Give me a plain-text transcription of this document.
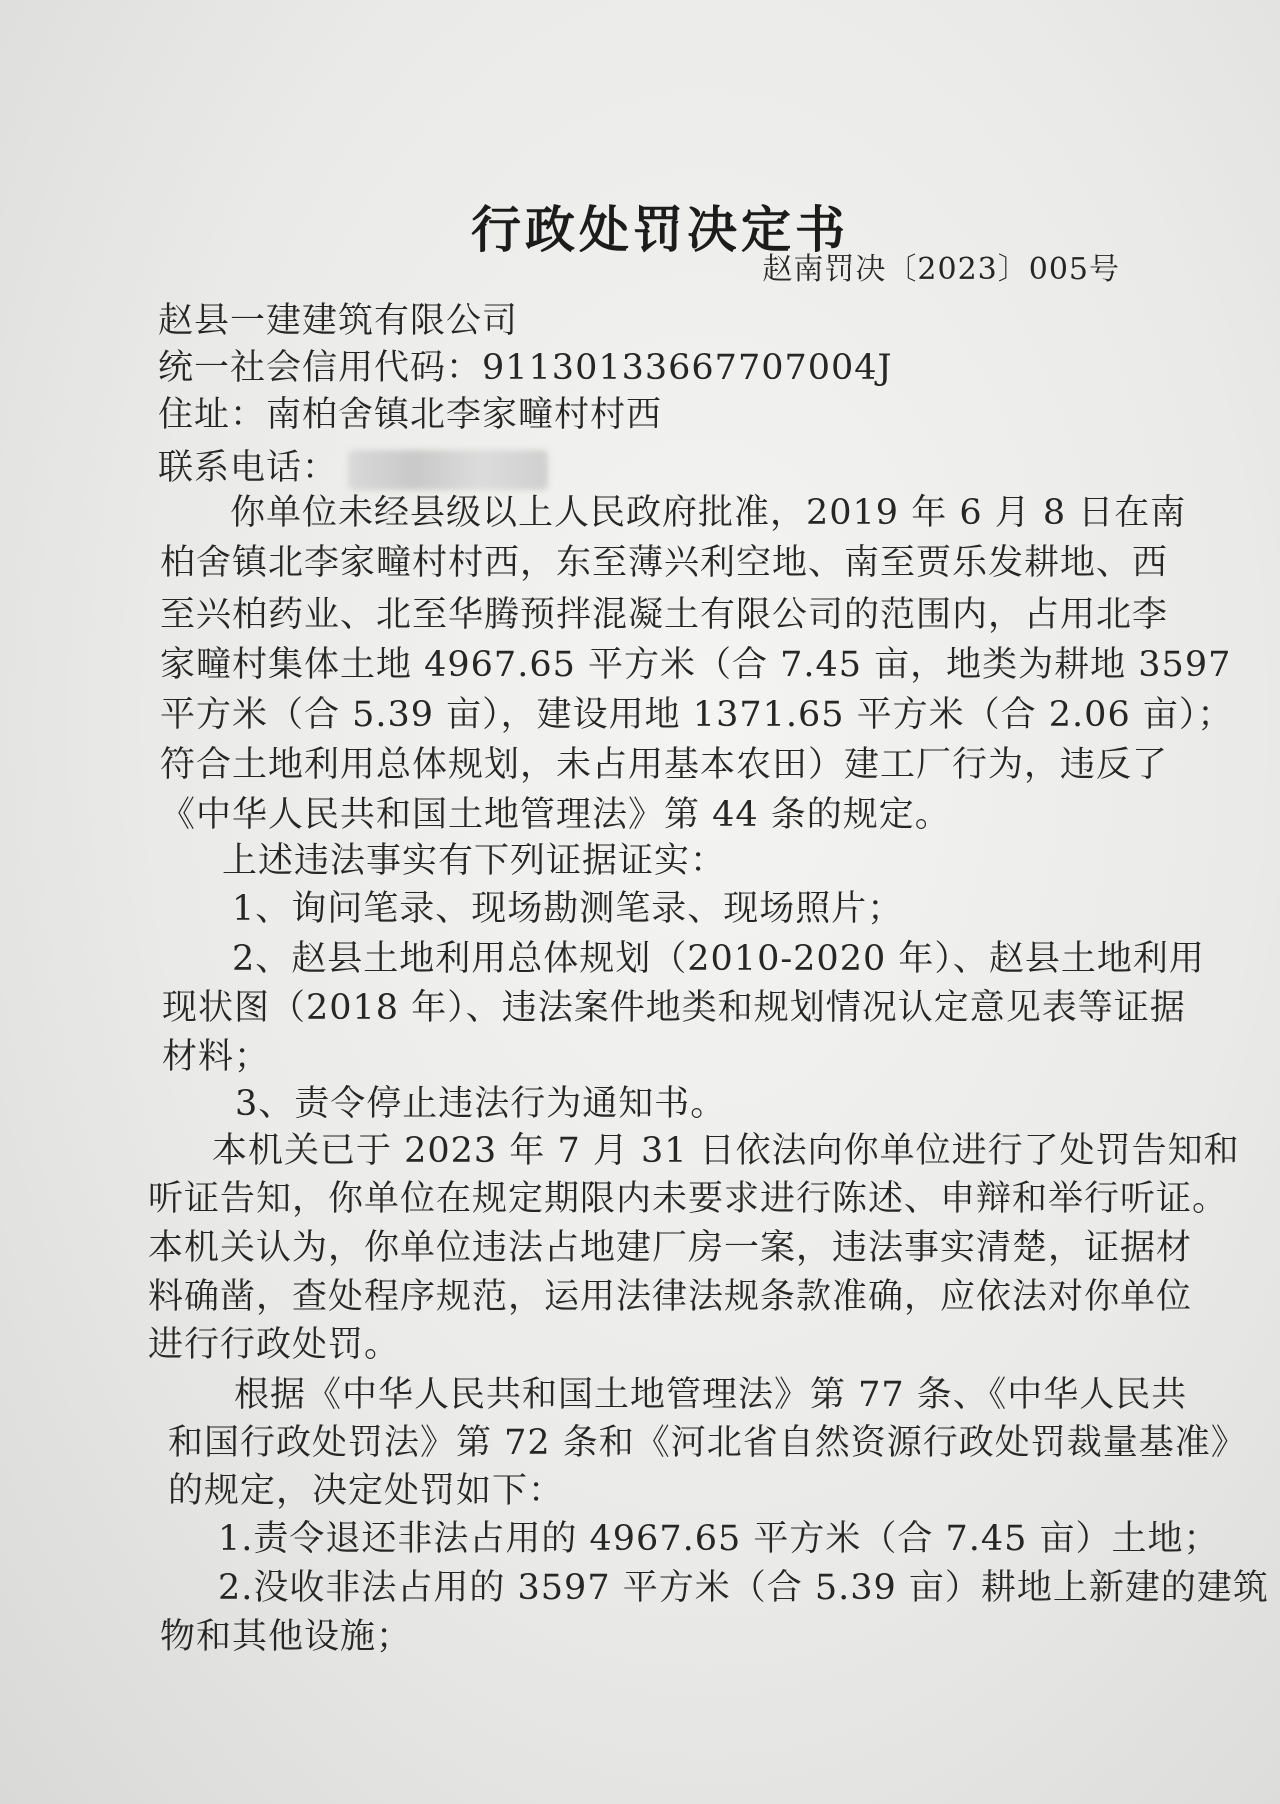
行政处罚决定书
赵南罚决〔2023〕005号
赵县一建建筑有限公司
统一社会信用代码：91130133667707004J
住址：南柏舍镇北李家疃村村西
联系电话：
你单位未经县级以上人民政府批准，2019 年 6 月 8 日在南
柏舍镇北李家疃村村西，东至薄兴利空地、南至贾乐发耕地、西
至兴柏药业、北至华腾预拌混凝土有限公司的范围内，占用北李
家疃村集体土地 4967.65 平方米（合 7.45 亩，地类为耕地 3597
平方米（合 5.39 亩），建设用地 1371.65 平方米（合 2.06 亩）；
符合土地利用总体规划，未占用基本农田）建工厂行为，违反了
《中华人民共和国土地管理法》第 44 条的规定。
上述违法事实有下列证据证实：
1、询问笔录、现场勘测笔录、现场照片；
2、赵县土地利用总体规划（2010-2020 年）、赵县土地利用
现状图（2018 年）、违法案件地类和规划情况认定意见表等证据
材料；
3、责令停止违法行为通知书。
本机关已于 2023 年 7 月 31 日依法向你单位进行了处罚告知和
听证告知，你单位在规定期限内未要求进行陈述、申辩和举行听证。
本机关认为，你单位违法占地建厂房一案，违法事实清楚，证据材
料确凿，查处程序规范，运用法律法规条款准确，应依法对你单位
进行行政处罚。
根据《中华人民共和国土地管理法》第 77 条、《中华人民共
和国行政处罚法》第 72 条和《河北省自然资源行政处罚裁量基准》
的规定，决定处罚如下：
1.责令退还非法占用的 4967.65 平方米（合 7.45 亩）土地；
2.没收非法占用的 3597 平方米（合 5.39 亩）耕地上新建的建筑
物和其他设施；
